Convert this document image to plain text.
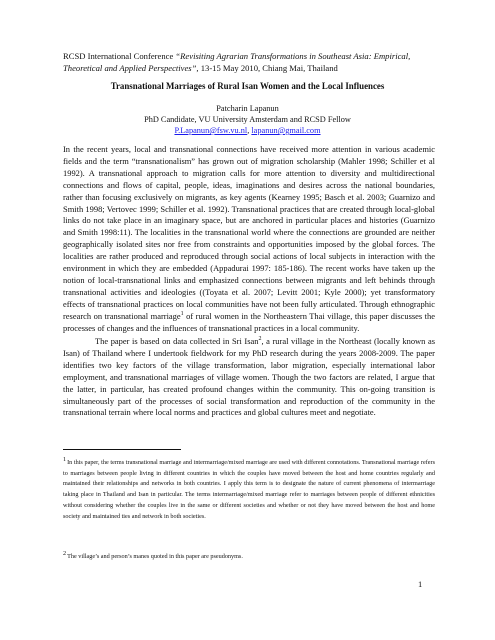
RCSD International Conference “Revisiting Agrarian Transformations in Southeast Asia: Empirical, Theoretical and Applied Perspectives”, 13-15 May 2010, Chiang Mai, Thailand
Transnational Marriages of Rural Isan Women and the Local Influences
Patcharin Lapanun
PhD Candidate, VU University Amsterdam and RCSD Fellow
P.Lapanun@fsw.vu.nl, lapanun@gmail.com
In the recent years, local and transnational connections have received more attention in various academic fields and the term “transnationalism” has grown out of migration scholarship (Mahler 1998; Schiller et al 1992). A transnational approach to migration calls for more attention to diversity and multidirectional connections and flows of capital, people, ideas, imaginations and desires across the national boundaries, rather than focusing exclusively on migrants, as key agents (Kearney 1995; Basch et al. 2003; Guarnizo and Smith 1998; Vertovec 1999; Schiller et al. 1992). Transnational practices that are created through local-global links do not take place in an imaginary space, but are anchored in particular places and histories (Guarnizo and Smith 1998:11). The localities in the transnational world where the connections are grounded are neither geographically isolated sites nor free from constraints and opportunities imposed by the global forces. The localities are rather produced and reproduced through social actions of local subjects in interaction with the environment in which they are embedded (Appadurai 1997: 185-186). The recent works have taken up the notion of local-transnational links and emphasized connections between migrants and left behinds through transnational activities and ideologies ((Toyata et al. 2007; Levitt 2001; Kyle 2000); yet transformatory effects of transnational practices on local communities have not been fully articulated. Through ethnographic research on transnational marriage$^1$ of rural women in the Northeastern Thai village, this paper discusses the processes of changes and the influences of transnational practices in a local community.
The paper is based on data collected in Sri Isan$^2$, a rural village in the Northeast (locally known as Isan) of Thailand where I undertook fieldwork for my PhD research during the years 2008-2009. The paper identifies two key factors of the village transformation, labor migration, especially international labor employment, and transnational marriages of village women. Though the two factors are related, I argue that the latter, in particular, has created profound changes within the community. This on-going transition is simultaneously part of the processes of social transformation and reproduction of the community in the transnational terrain where local norms and practices and global cultures meet and negotiate.
$^1$In this paper, the terms transnational marriage and intermarriage/mixed marriage are used with different connotations. Transnational marriage refers to marriages between people living in different countries in which the couples have moved between the host and home countries regularly and maintained their relationships and networks in both countries. I apply this term is to designate the nature of current phenomena of intermarriage taking place in Thailand and Isan in particular. The terms intermarriage/mixed marriage refer to marriages between people of different ethnicities without considering whether the couples live in the same or different societies and whether or not they have moved between the host and home society and maintained ties and network in both societies.
$^2$The village’s and person’s manes quoted in this paper are pseudonyms.
1
